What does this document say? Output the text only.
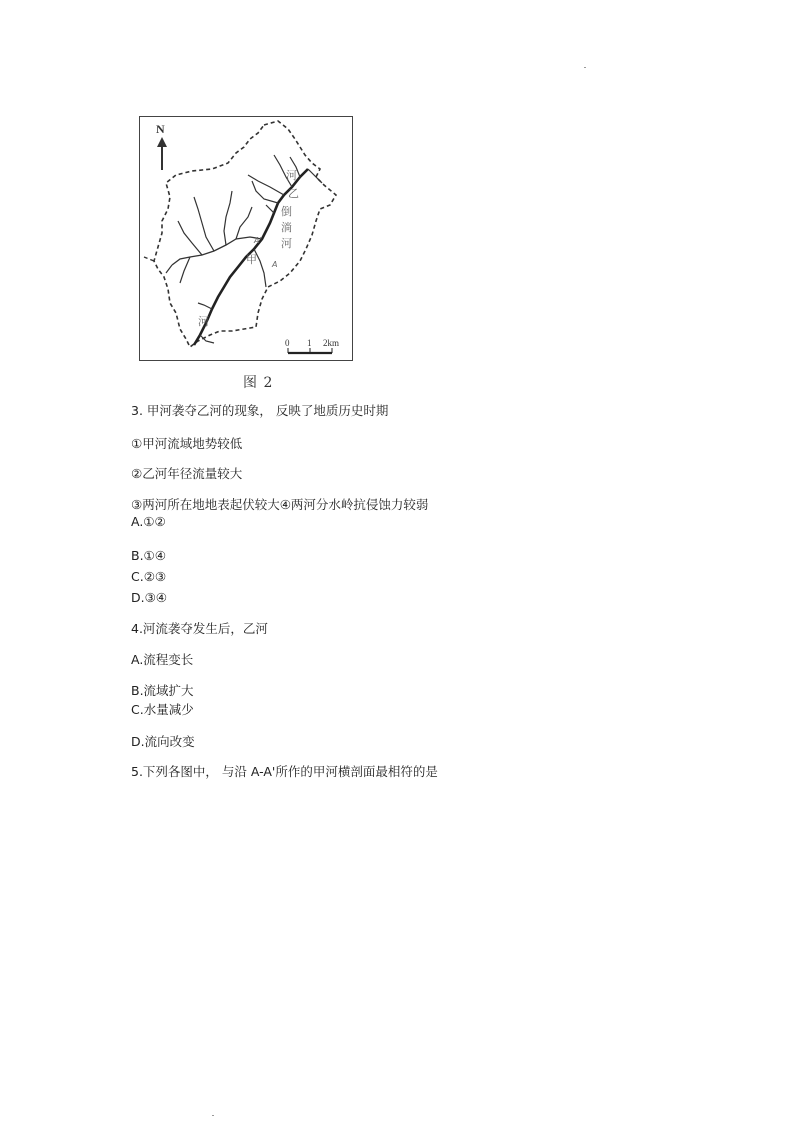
N
河
乙
倒
淌
河
甲
河
A'
A
0 1 2km
图 2
3. 甲河袭夺乙河的现象， 反映了地质历史时期
①甲河流域地势较低
②乙河年径流量较大
③两河所在地地表起伏较大④两河分水岭抗侵蚀力较弱
A.①②
B.①④
C.②③
D.③④
4.河流袭夺发生后，乙河
A.流程变长
B.流域扩大
C.水量减少
D.流向改变
5.下列各图中， 与沿 A-A'所作的甲河横剖面最相符的是
